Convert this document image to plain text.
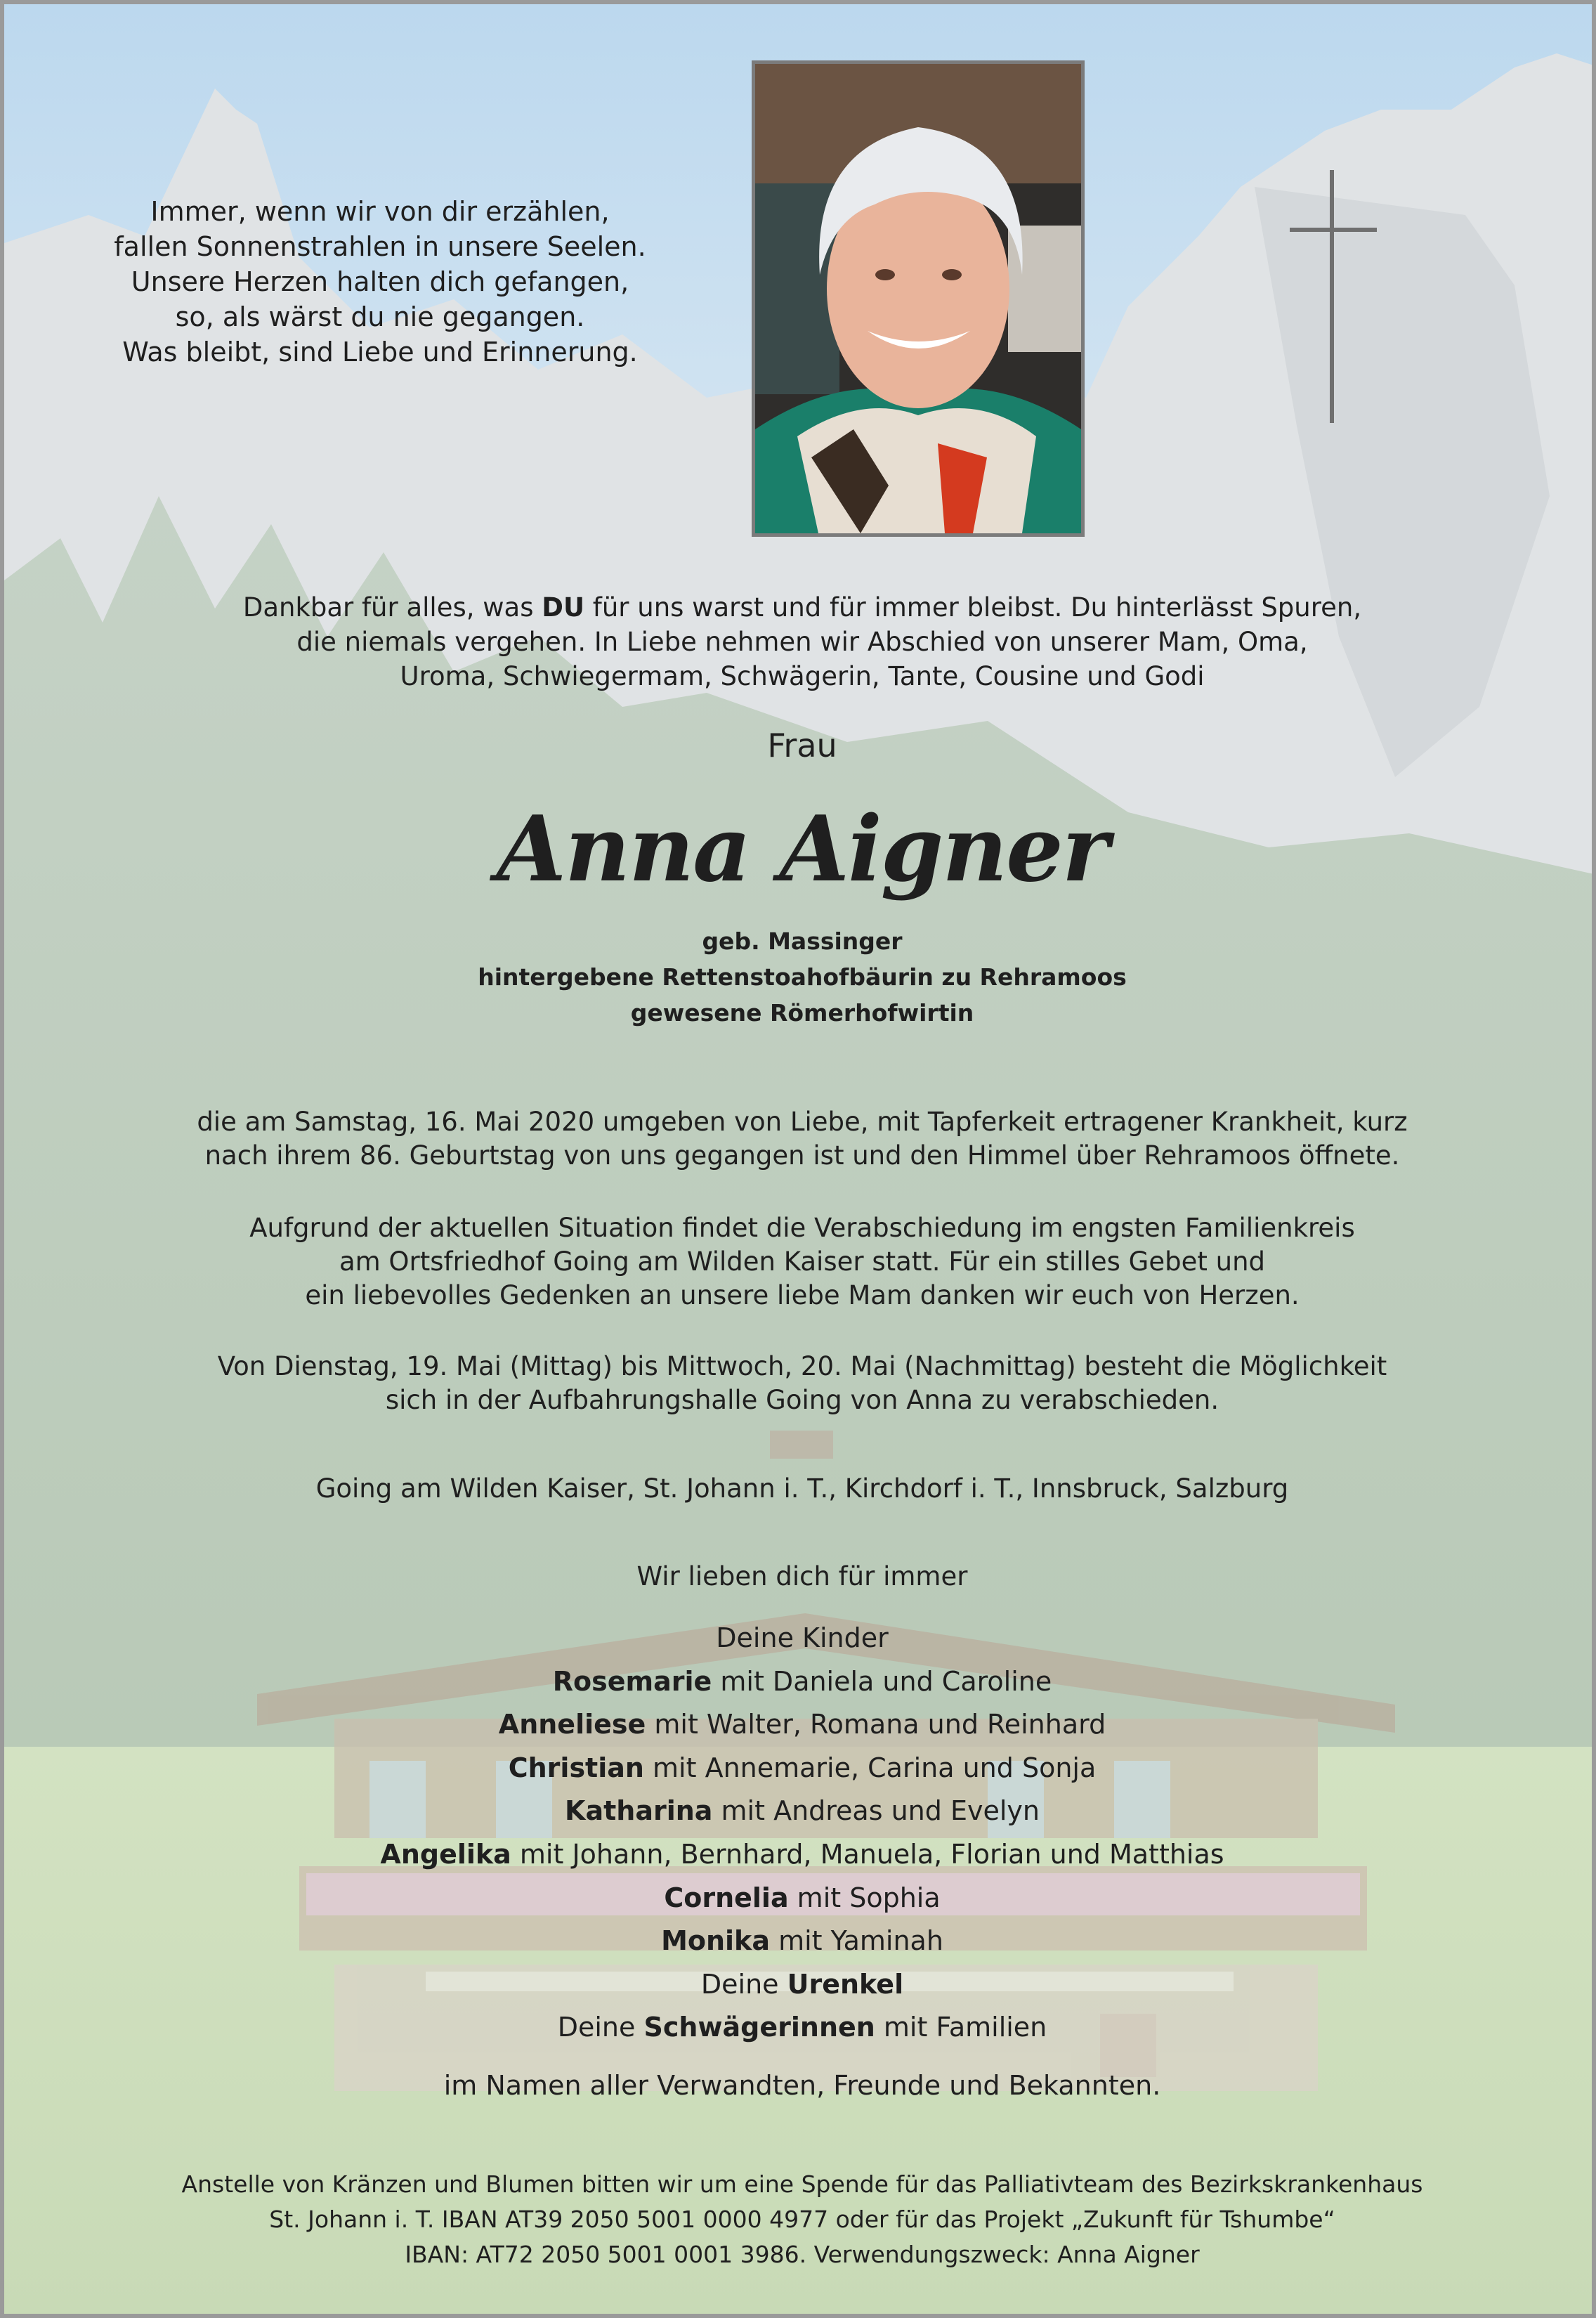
Immer, wenn wir von dir erzählen,
fallen Sonnenstrahlen in unsere Seelen.
Unsere Herzen halten dich gefangen,
so, als wärst du nie gegangen.
Was bleibt, sind Liebe und Erinnerung.
Dankbar für alles, was DU für uns warst und für immer bleibst. Du hinterlässt Spuren,
die niemals vergehen. In Liebe nehmen wir Abschied von unserer Mam, Oma,
Uroma, Schwiegermam, Schwägerin, Tante, Cousine und Godi
Frau
Anna Aigner
geb. Massinger
hintergebene Rettenstoahofbäurin zu Rehramoos
gewesene Römerhofwirtin
die am Samstag, 16. Mai 2020 umgeben von Liebe, mit Tapferkeit ertragener Krankheit, kurz
nach ihrem 86. Geburtstag von uns gegangen ist und den Himmel über Rehramoos öffnete.
Aufgrund der aktuellen Situation findet die Verabschiedung im engsten Familienkreis
am Ortsfriedhof Going am Wilden Kaiser statt. Für ein stilles Gebet und
ein liebevolles Gedenken an unsere liebe Mam danken wir euch von Herzen.
Von Dienstag, 19. Mai (Mittag) bis Mittwoch, 20. Mai (Nachmittag) besteht die Möglichkeit
sich in der Aufbahrungshalle Going von Anna zu verabschieden.
Going am Wilden Kaiser, St. Johann i. T., Kirchdorf i. T., Innsbruck, Salzburg
Wir lieben dich für immer
Deine Kinder
Rosemarie mit Daniela und Caroline
Anneliese mit Walter, Romana und Reinhard
Christian mit Annemarie, Carina und Sonja
Katharina mit Andreas und Evelyn
Angelika mit Johann, Bernhard, Manuela, Florian und Matthias
Cornelia mit Sophia
Monika mit Yaminah
Deine Urenkel
Deine Schwägerinnen mit Familien
im Namen aller Verwandten, Freunde und Bekannten.
Anstelle von Kränzen und Blumen bitten wir um eine Spende für das Palliativteam des Bezirkskrankenhaus
St. Johann i. T. IBAN AT39 2050 5001 0000 4977 oder für das Projekt „Zukunft für Tshumbe“
IBAN: AT72 2050 5001 0001 3986. Verwendungszweck: Anna Aigner
